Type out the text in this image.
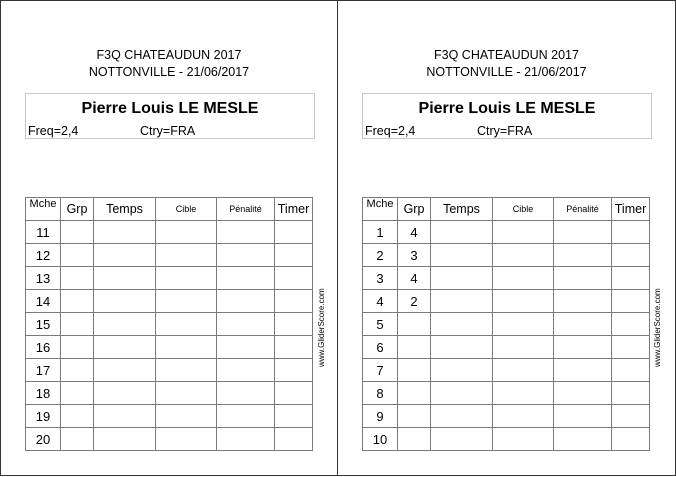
F3Q CHATEAUDUN 2017
NOTTONVILLE - 21/06/2017
Pierre Louis LE MESLE
Freq=2,4	Ctry=FRA
Mche	Grp	Temps	Cible	Pénalité	Timer
11					
12					
13					
14					
15					
16					
17					
18					
19					
20					
www.GliderScore.com
F3Q CHATEAUDUN 2017
NOTTONVILLE - 21/06/2017
Pierre Louis LE MESLE
Freq=2,4	Ctry=FRA
Mche	Grp	Temps	Cible	Pénalité	Timer
1	4				
2	3				
3	4				
4	2				
5					
6					
7					
8					
9					
10					
www.GliderScore.com
